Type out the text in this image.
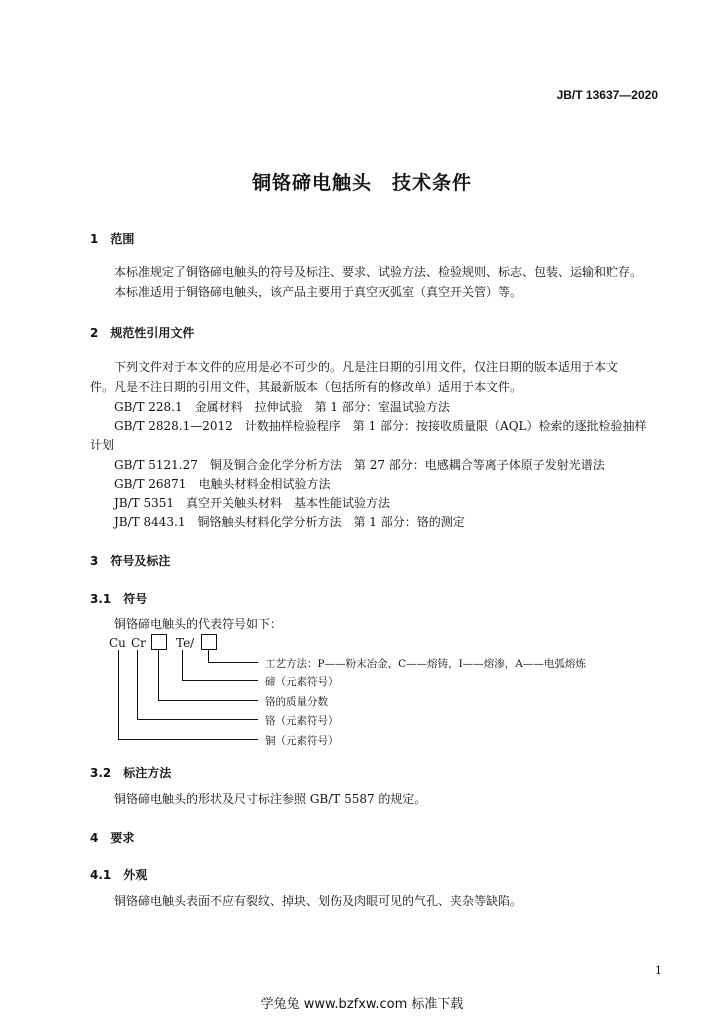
JB/T 13637—2020
铜铬碲电触头　技术条件
1　范围
本标准规定了铜铬碲电触头的符号及标注、要求、试验方法、检验规则、标志、包装、运输和贮存。
本标准适用于铜铬碲电触头，该产品主要用于真空灭弧室（真空开关管）等。
2　规范性引用文件
下列文件对于本文件的应用是必不可少的。凡是注日期的引用文件，仅注日期的版本适用于本文
件。凡是不注日期的引用文件，其最新版本（包括所有的修改单）适用于本文件。
GB/T 228.1　金属材料　拉伸试验　第 1 部分：室温试验方法
GB/T 2828.1—2012　计数抽样检验程序　第 1 部分：按接收质量限（AQL）检索的逐批检验抽样
计划
GB/T 5121.27　铜及铜合金化学分析方法　第 27 部分：电感耦合等离子体原子发射光谱法
GB/T 26871　电触头材料金相试验方法
JB/T 5351　真空开关触头材料　基本性能试验方法
JB/T 8443.1　铜铬触头材料化学分析方法　第 1 部分：铬的测定
3　符号及标注
3.1　符号
铜铬碲电触头的代表符号如下：
Cu Cr	Te/
工艺方法：P——粉末冶金，C——熔铸，I——熔渗，A——电弧熔炼
碲（元素符号）
铬的质量分数
铬（元素符号）
铜（元素符号）
3.2　标注方法
铜铬碲电触头的形状及尺寸标注参照 GB/T 5587 的规定。
4　要求
4.1　外观
铜铬碲电触头表面不应有裂纹、掉块、划伤及肉眼可见的气孔、夹杂等缺陷。
1
学兔兔 www.bzfxw.com 标准下载
